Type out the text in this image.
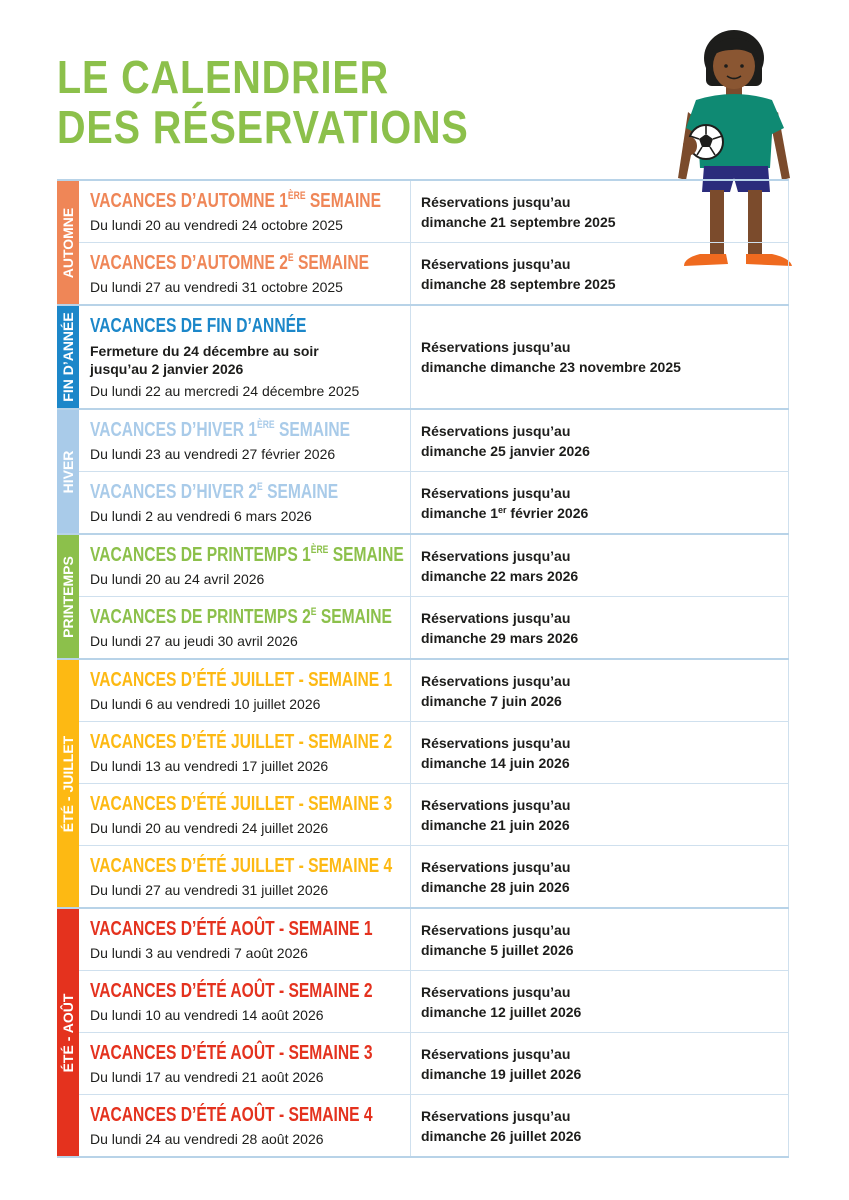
LE CALENDRIER
DES RÉSERVATIONS
AUTOMNE
VACANCES D’AUTOMNE 1ÈRE SEMAINE
Du lundi 20 au vendredi 24 octobre 2025
Réservations jusqu’au
dimanche 21 septembre 2025
VACANCES D’AUTOMNE $2^E$ SEMAINE
Du lundi 27 au vendredi 31 octobre 2025
Réservations jusqu’au
dimanche 28 septembre 2025
FIN D’ANNÉE VACANCES DE FIN D’ANNÉE
Fermeture du 24 décembre au soir
jusqu’au 2 janvier 2026
Du lundi 22 au mercredi 24 décembre 2025
Réservations jusqu’au
dimanche dimanche 23 novembre 2025
HIVER
VACANCES D’HIVER 1ÈRE SEMAINE
Du lundi 23 au vendredi 27 février 2026
Réservations jusqu’au
dimanche 25 janvier 2026
VACANCES D’HIVER $2^E$ SEMAINE
Du lundi 2 au vendredi 6 mars 2026
Réservations jusqu’au
dimanche 1er février 2026
PRINTEMPS
VACANCES DE PRINTEMPS 1ÈRE SEMAINE
Du lundi 20 au 24 avril 2026
Réservations jusqu’au
dimanche 22 mars 2026
VACANCES DE PRINTEMPS $2^E$ SEMAINE
Du lundi 27 au jeudi 30 avril 2026
Réservations jusqu’au
dimanche 29 mars 2026
ÉTÉ - JUILLET
VACANCES D’ÉTÉ JUILLET - SEMAINE 1
Du lundi 6 au vendredi 10 juillet 2026
Réservations jusqu’au
dimanche 7 juin 2026
VACANCES D’ÉTÉ JUILLET - SEMAINE 2
Du lundi 13 au vendredi 17 juillet 2026
Réservations jusqu’au
dimanche 14 juin 2026
VACANCES D’ÉTÉ JUILLET - SEMAINE 3
Du lundi 20 au vendredi 24 juillet 2026
Réservations jusqu’au
dimanche 21 juin 2026
VACANCES D’ÉTÉ JUILLET - SEMAINE 4
Du lundi 27 au vendredi 31 juillet 2026
Réservations jusqu’au
dimanche 28 juin 2026
ÉTÉ - AOÛT
VACANCES D’ÉTÉ AOÛT - SEMAINE 1
Du lundi 3 au vendredi 7 août 2026
Réservations jusqu’au
dimanche 5 juillet 2026
VACANCES D’ÉTÉ AOÛT - SEMAINE 2
Du lundi 10 au vendredi 14 août 2026
Réservations jusqu’au
dimanche 12 juillet 2026
VACANCES D’ÉTÉ AOÛT - SEMAINE 3
Du lundi 17 au vendredi 21 août 2026
Réservations jusqu’au
dimanche 19 juillet 2026
VACANCES D’ÉTÉ AOÛT - SEMAINE 4
Du lundi 24 au vendredi 28 août 2026
Réservations jusqu’au
dimanche 26 juillet 2026
